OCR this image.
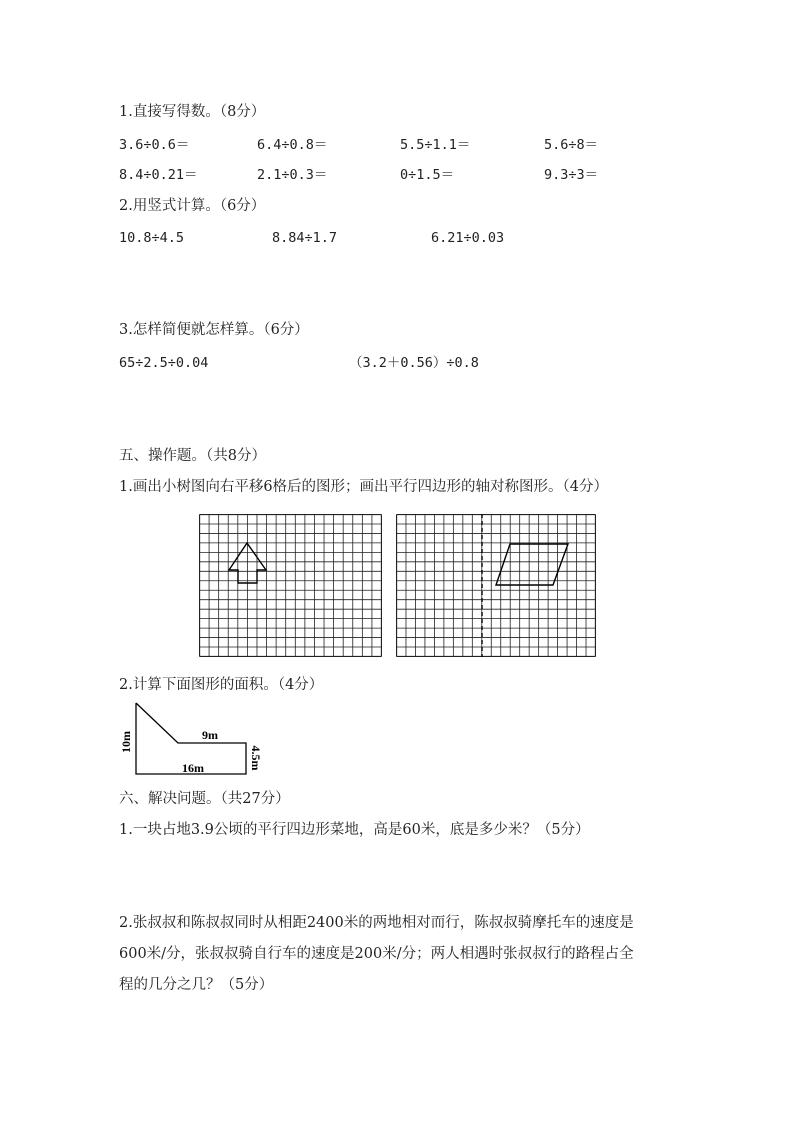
1.直接写得数。（8分）
3.6÷0.6＝	6.4÷0.8＝	5.5÷1.1＝	5.6÷8＝
8.4÷0.21＝	2.1÷0.3＝	0÷1.5＝	9.3÷3＝
2.用竖式计算。（6分）
10.8÷4.5	8.84÷1.7	6.21÷0.03
3.怎样简便就怎样算。（6分）
65÷2.5÷0.04	（3.2＋0.56）÷0.8
五、操作题。（共8分）
1.画出小树图向右平移6格后的图形；画出平行四边形的轴对称图形。（4分）
2.计算下面图形的面积。（4分）
10m	9m
4.5m
16m
六、解决问题。（共27分）
1.一块占地3.9公顷的平行四边形菜地，高是60米，底是多少米？（5分）
2.张叔叔和陈叔叔同时从相距2400米的两地相对而行，陈叔叔骑摩托车的速度是
600米/分，张叔叔骑自行车的速度是200米/分；两人相遇时张叔叔行的路程占全
程的几分之几？（5分）
